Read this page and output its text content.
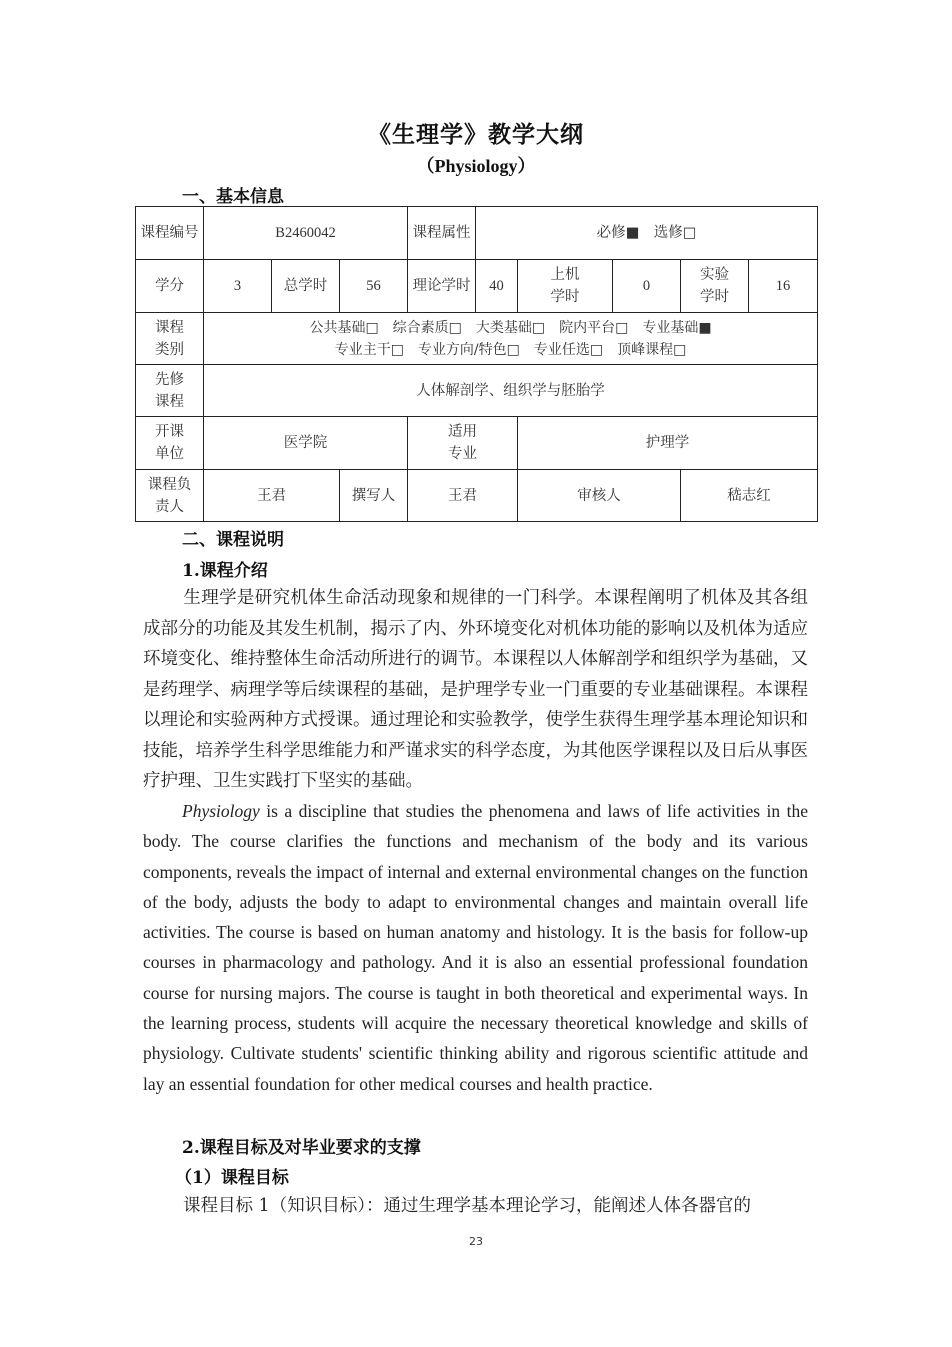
《生理学》教学大纲
（Physiology）
一、基本信息
课程编号	B2460042			课程属性	必修■　选修□				
学分	3	总学时	56	理论学时	40	上机学时	0	实验学时	16
课程类别	公共基础□　综合素质□　大类基础□　院内平台□　专业基础■
专业主干□　专业方向/特色□　专业任选□　顶峰课程□								

先修课程	人体解剖学、组织学与胚胎学								
开课单位	医学院			适用专业		护理学			
课程负责人	王君		撰写人	王君		审核人		嵇志红	
二、课程说明
1.课程介绍
生理学是研究机体生命活动现象和规律的一门科学。本课程阐明了机体及其各组成部分的功能及其发生机制，揭示了内、外环境变化对机体功能的影响以及机体为适应环境变化、维持整体生命活动所进行的调节。本课程以人体解剖学和组织学为基础，又是药理学、病理学等后续课程的基础，是护理学专业一门重要的专业基础课程。本课程以理论和实验两种方式授课。通过理论和实验教学，使学生获得生理学基本理论知识和技能，培养学生科学思维能力和严谨求实的科学态度，为其他医学课程以及日后从事医疗护理、卫生实践打下坚实的基础。
Physiology is a discipline that studies the phenomena and laws of life activities in the body. The course clarifies the functions and mechanism of the body and its various components, reveals the impact of internal and external environmental changes on the function of the body, adjusts the body to adapt to environmental changes and maintain overall life activities. The course is based on human anatomy and histology. It is the basis for follow-up courses in pharmacology and pathology. And it is also an essential professional foundation course for nursing majors. The course is taught in both theoretical and experimental ways. In the learning process, students will acquire the necessary theoretical knowledge and skills of physiology. Cultivate students' scientific thinking ability and rigorous scientific attitude and lay an essential foundation for other medical courses and health practice.
2.课程目标及对毕业要求的支撑
（1）课程目标
课程目标 1（知识目标）：通过生理学基本理论学习，能阐述人体各器官的
23
